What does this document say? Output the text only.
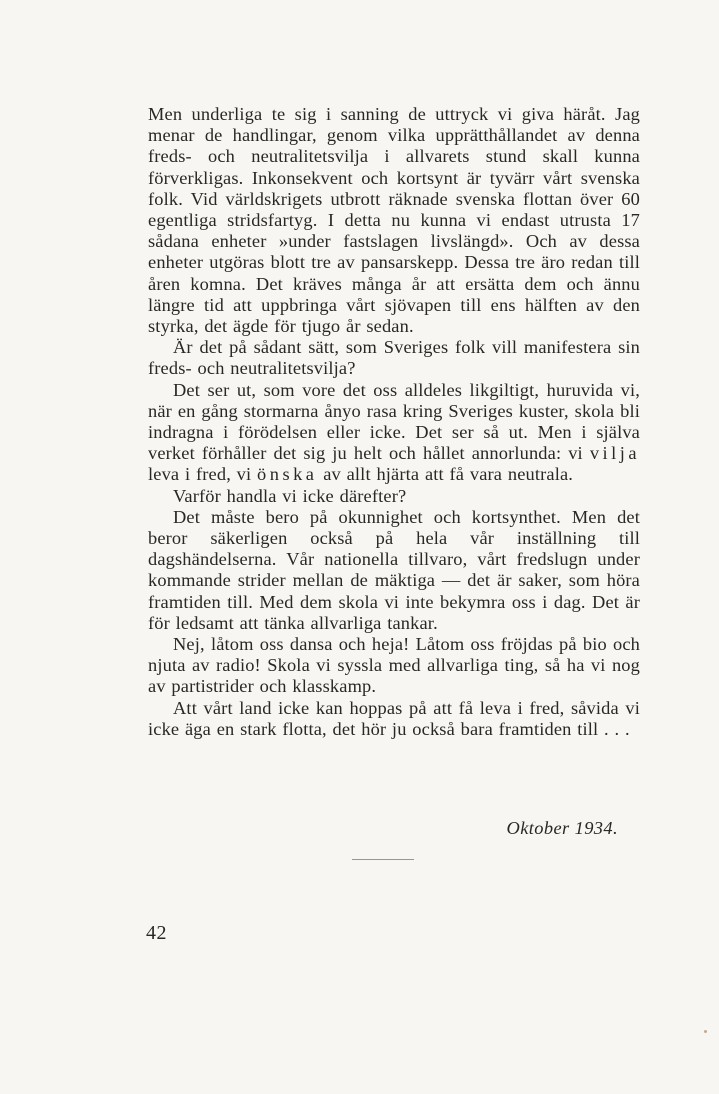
Men underliga te sig i sanning de uttryck vi giva häråt. Jag menar de handlingar, genom vilka upprätthållandet av denna freds- och neutralitetsvilja i allvarets stund skall kunna förverkligas. Inkonsekvent och kortsynt är tyvärr vårt svenska folk. Vid världskrigets utbrott räknade svenska flottan över 60 egentliga stridsfartyg. I detta nu kunna vi endast utrusta 17 sådana enheter »under fastslagen livslängd». Och av dessa enheter utgöras blott tre av pansarskepp. Dessa tre äro redan till åren komna. Det kräves många år att ersätta dem och ännu längre tid att uppbringa vårt sjövapen till ens hälften av den styrka, det ägde för tjugo år sedan.

Är det på sådant sätt, som Sveriges folk vill manifestera sin freds- och neutralitetsvilja?

Det ser ut, som vore det oss alldeles likgiltigt, huruvida vi, när en gång stormarna ånyo rasa kring Sveriges kuster, skola bli indragna i förödelsen eller icke. Det ser så ut. Men i själva verket förhåller det sig ju helt och hållet annorlunda: vi vilja leva i fred, vi önska av allt hjärta att få vara neutrala.

Varför handla vi icke därefter?

Det måste bero på okunnighet och kortsynthet. Men det beror säkerligen också på hela vår inställning till dagshändelserna. Vår nationella tillvaro, vårt fredslugn under kommande strider mellan de mäktiga — det är saker, som höra framtiden till. Med dem skola vi inte bekymra oss i dag. Det är för ledsamt att tänka allvarliga tankar.

Nej, låtom oss dansa och heja! Låtom oss fröjdas på bio och njuta av radio! Skola vi syssla med allvarliga ting, så ha vi nog av partistrider och klasskamp.

Att vårt land icke kan hoppas på att få leva i fred, såvida vi icke äga en stark flotta, det hör ju också bara framtiden till . . .

Oktober 1934.
42
